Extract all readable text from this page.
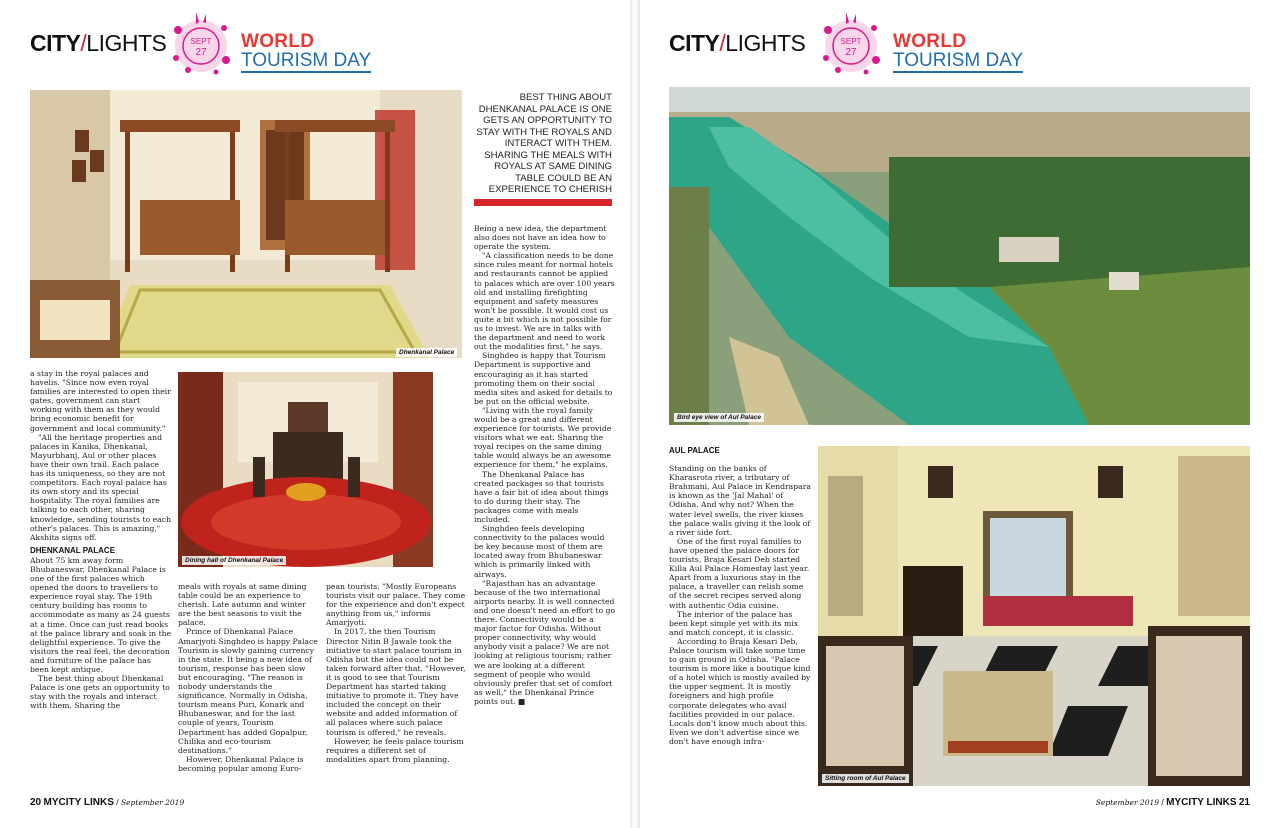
CITY/LIGHTS	SEPT
27
WORLD
TOURISM DAY
Dhenkanal Palace
Dining hall of Dhenkanal Palace
BEST THING ABOUT DHENKANAL PALACE IS ONE GETS AN OPPORTUNITY TO STAY WITH THE ROYALS AND INTERACT WITH THEM. SHARING THE MEALS WITH ROYALS AT SAME DINING TABLE COULD BE AN EXPERIENCE TO CHERISH

a stay in the royal palaces and havelis. "Since now even royal families are interested to open their gates, government can start working with them as they would bring economic benefit for government and local community."

"All the heritage properties and palaces in Kanika, Dhenkanal, Mayurbhanj, Aul or other places have their own trail. Each palace has its uniqueness, so they are not competitors. Each royal palace has its own story and its special hospitality. The royal families are talking to each other, sharing knowledge, sending tourists to each other's palaces. This is amazing," Akshita signs off.

DHENKANAL PALACE

About 75 km away form Bhubaneswar, Dhenkanal Palace is one of the first palaces which opened the doors to travellers to experience royal stay. The 19th century building has rooms to accommodate as many as 24 guests at a time. Once can just read books at the palace library and soak in the delightful experience. To give the visitors the real feel, the decoration and furniture of the palace has been kept antique.

The best thing about Dhenkanal Palace is one gets an opportunity to stay with the royals and interact with them. Sharing the

meals with royals at same dining table could be an experience to cherish. Late autumn and winter are the best seasons to visit the palace.

Prince of Dhenkanal Palace Amarjyoti Singhdeo is happy Palace Tourism is slowly gaining currency in the state. It being a new idea of tourism, response has been slow but encouraging. "The reason is nobody understands the significance. Normally in Odisha, tourism means Puri, Konark and Bhubaneswar, and for the last couple of years, Tourism Department has added Gopalpur, Chilika and eco-tourism destinations."

However, Dhenkanal Palace is becoming popular among Euro-

pean tourists. "Mostly Europeans tourists visit our palace. They come for the experience and don't expect anything from us," informs Amarjyoti.

In 2017, the then Tourism Director Nitin B Jawale took the initiative to start palace tourism in Odisha but the idea could not be taken forward after that. "However, it is good to see that Tourism Department has started taking initiative to promote it. They have included the concept on their website and added information of all palaces where such palace tourism is offered," he reveals.

However, he feels palace tourism requires a different set of modalities apart from planning.

Being a new idea, the department also does not have an idea how to operate the system.

"A classification needs to be done since rules meant for normal hotels and restaurants cannot be applied to palaces which are over 100 years old and installing firefighting equipment and safety measures won't be possible. It would cost us quite a bit which is not possible for us to invest. We are in talks with the department and need to work out the modalities first," he says.

Singhdeo is happy that Tourism Department is supportive and encouraging as it has started promoting them on their social media sites and asked for details to be put on the official website.

"Living with the royal family would be a great and different experience for tourists. We provide visitors what we eat. Sharing the royal recipes on the same dining table would always be an awesome experience for them," he explains.

The Dhenkanal Palace has created packages so that tourists have a fair bit of idea about things to do during their stay. The packages come with meals included.

Singhdeo feels developing connectivity to the palaces would be key because most of them are located away from Bhubaneswar which is primarily linked with airways.

"Rajasthan has an advantage because of the two international airports nearby. It is well connected and one doesn't need an effort to go there. Connectivity would be a major factor for Odisha. Without proper connectivity, why would anybody visit a palace? We are not looking at religious tourism; rather we are looking at a different segment of people who would obviously prefer that set of comfort as well," the Dhenkanal Prince points out. ■

20 MYCITY LINKS / September 2019
CITY/LIGHTS	SEPT
27
WORLD
TOURISM DAY
Bird eye view of Aul Palace
Sitting room of Aul Palace
AUL PALACE

Standing on the banks of Kharasrota river, a tributary of Brahmani, Aul Palace in Kendrapara is known as the 'Jal Mahal' of Odisha. And why not? When the water level swells, the river kisses the palace walls giving it the look of a river side fort.

One of the first royal families to have opened the palace doors for tourists, Braja Kesari Deb started Killa Aul Palace Homestay last year. Apart from a luxurious stay in the palace, a traveller can relish some of the secret recipes served along with authentic Odia cuisine.

The interior of the palace has been kept simple yet with its mix and match concept, it is classic.

According to Braja Kesari Deb, Palace tourism will take some time to gain ground in Odisha. "Palace tourism is more like a boutique kind of a hotel which is mostly availed by the upper segment. It is mostly foreigners and high profile corporate delegates who avail facilities provided in our palace. Locals don't know much about this. Even we don't advertise since we don't have enough infra-

September 2019 / MYCITY LINKS 21
